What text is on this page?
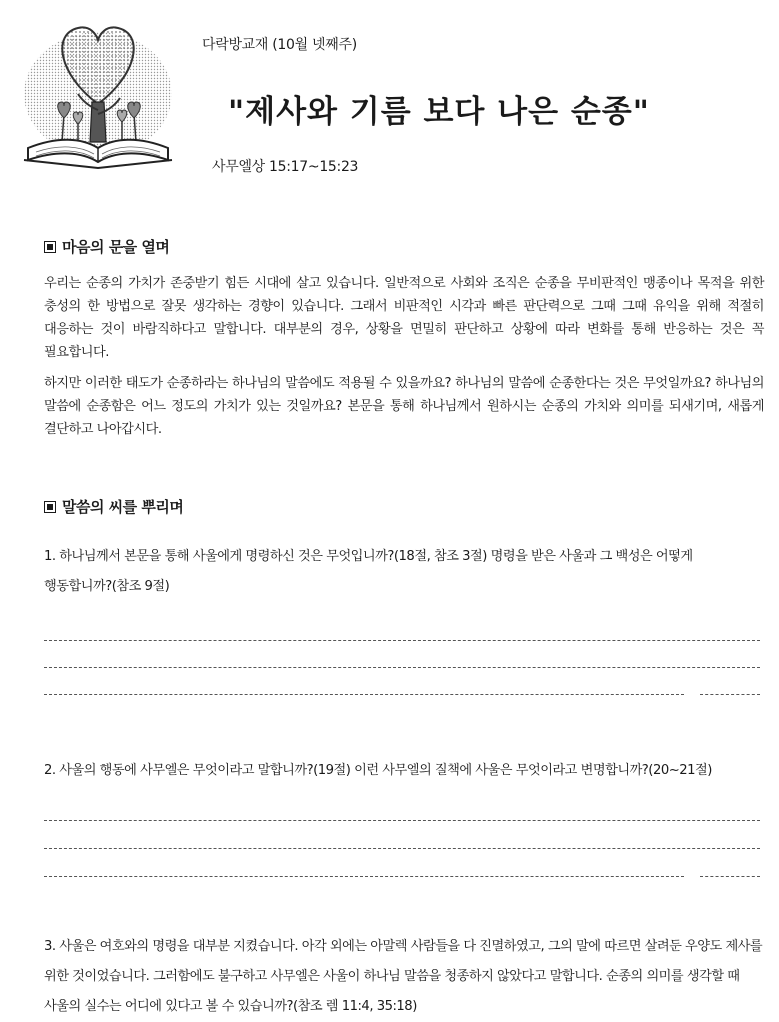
다락방교재 (10월 넷째주)
"제사와 기름 보다 나은 순종"
사무엘상 15:17~15:23
마음의 문을 열며
우리는 순종의 가치가 존중받기 힘든 시대에 살고 있습니다. 일반적으로 사회와 조직은 순종을 무비판적인 맹종이나 목적을 위한 충성의 한 방법으로 잘못 생각하는 경향이 있습니다. 그래서 비판적인 시각과 빠른 판단력으로 그때 그때 유익을 위해 적절히 대응하는 것이 바람직하다고 말합니다. 대부분의 경우, 상황을 면밀히 판단하고 상황에 따라 변화를 통해 반응하는 것은 꼭 필요합니다.
하지만 이러한 태도가 순종하라는 하나님의 말씀에도 적용될 수 있을까요? 하나님의 말씀에 순종한다는 것은 무엇일까요? 하나님의 말씀에 순종함은 어느 정도의 가치가 있는 것일까요? 본문을 통해 하나님께서 원하시는 순종의 가치와 의미를 되새기며, 새롭게 결단하고 나아갑시다.
말씀의 씨를 뿌리며
1. 하나님께서 본문을 통해 사울에게 명령하신 것은 무엇입니까?(18절, 참조 3절) 명령을 받은 사울과 그 백성은 어떻게 행동합니까?(참조 9절)
2. 사울의 행동에 사무엘은 무엇이라고 말합니까?(19절) 이런 사무엘의 질책에 사울은 무엇이라고 변명합니까?(20~21절)
3. 사울은 여호와의 명령을 대부분 지켰습니다. 아각 외에는 아말렉 사람들을 다 진멸하였고, 그의 말에 따르면 살려둔 우양도 제사를 위한 것이었습니다. 그러함에도 불구하고 사무엘은 사울이 하나님 말씀을 청종하지 않았다고 말합니다. 순종의 의미를 생각할 때 사울의 실수는 어디에 있다고 볼 수 있습니까?(참조 렘 11:4, 35:18)
